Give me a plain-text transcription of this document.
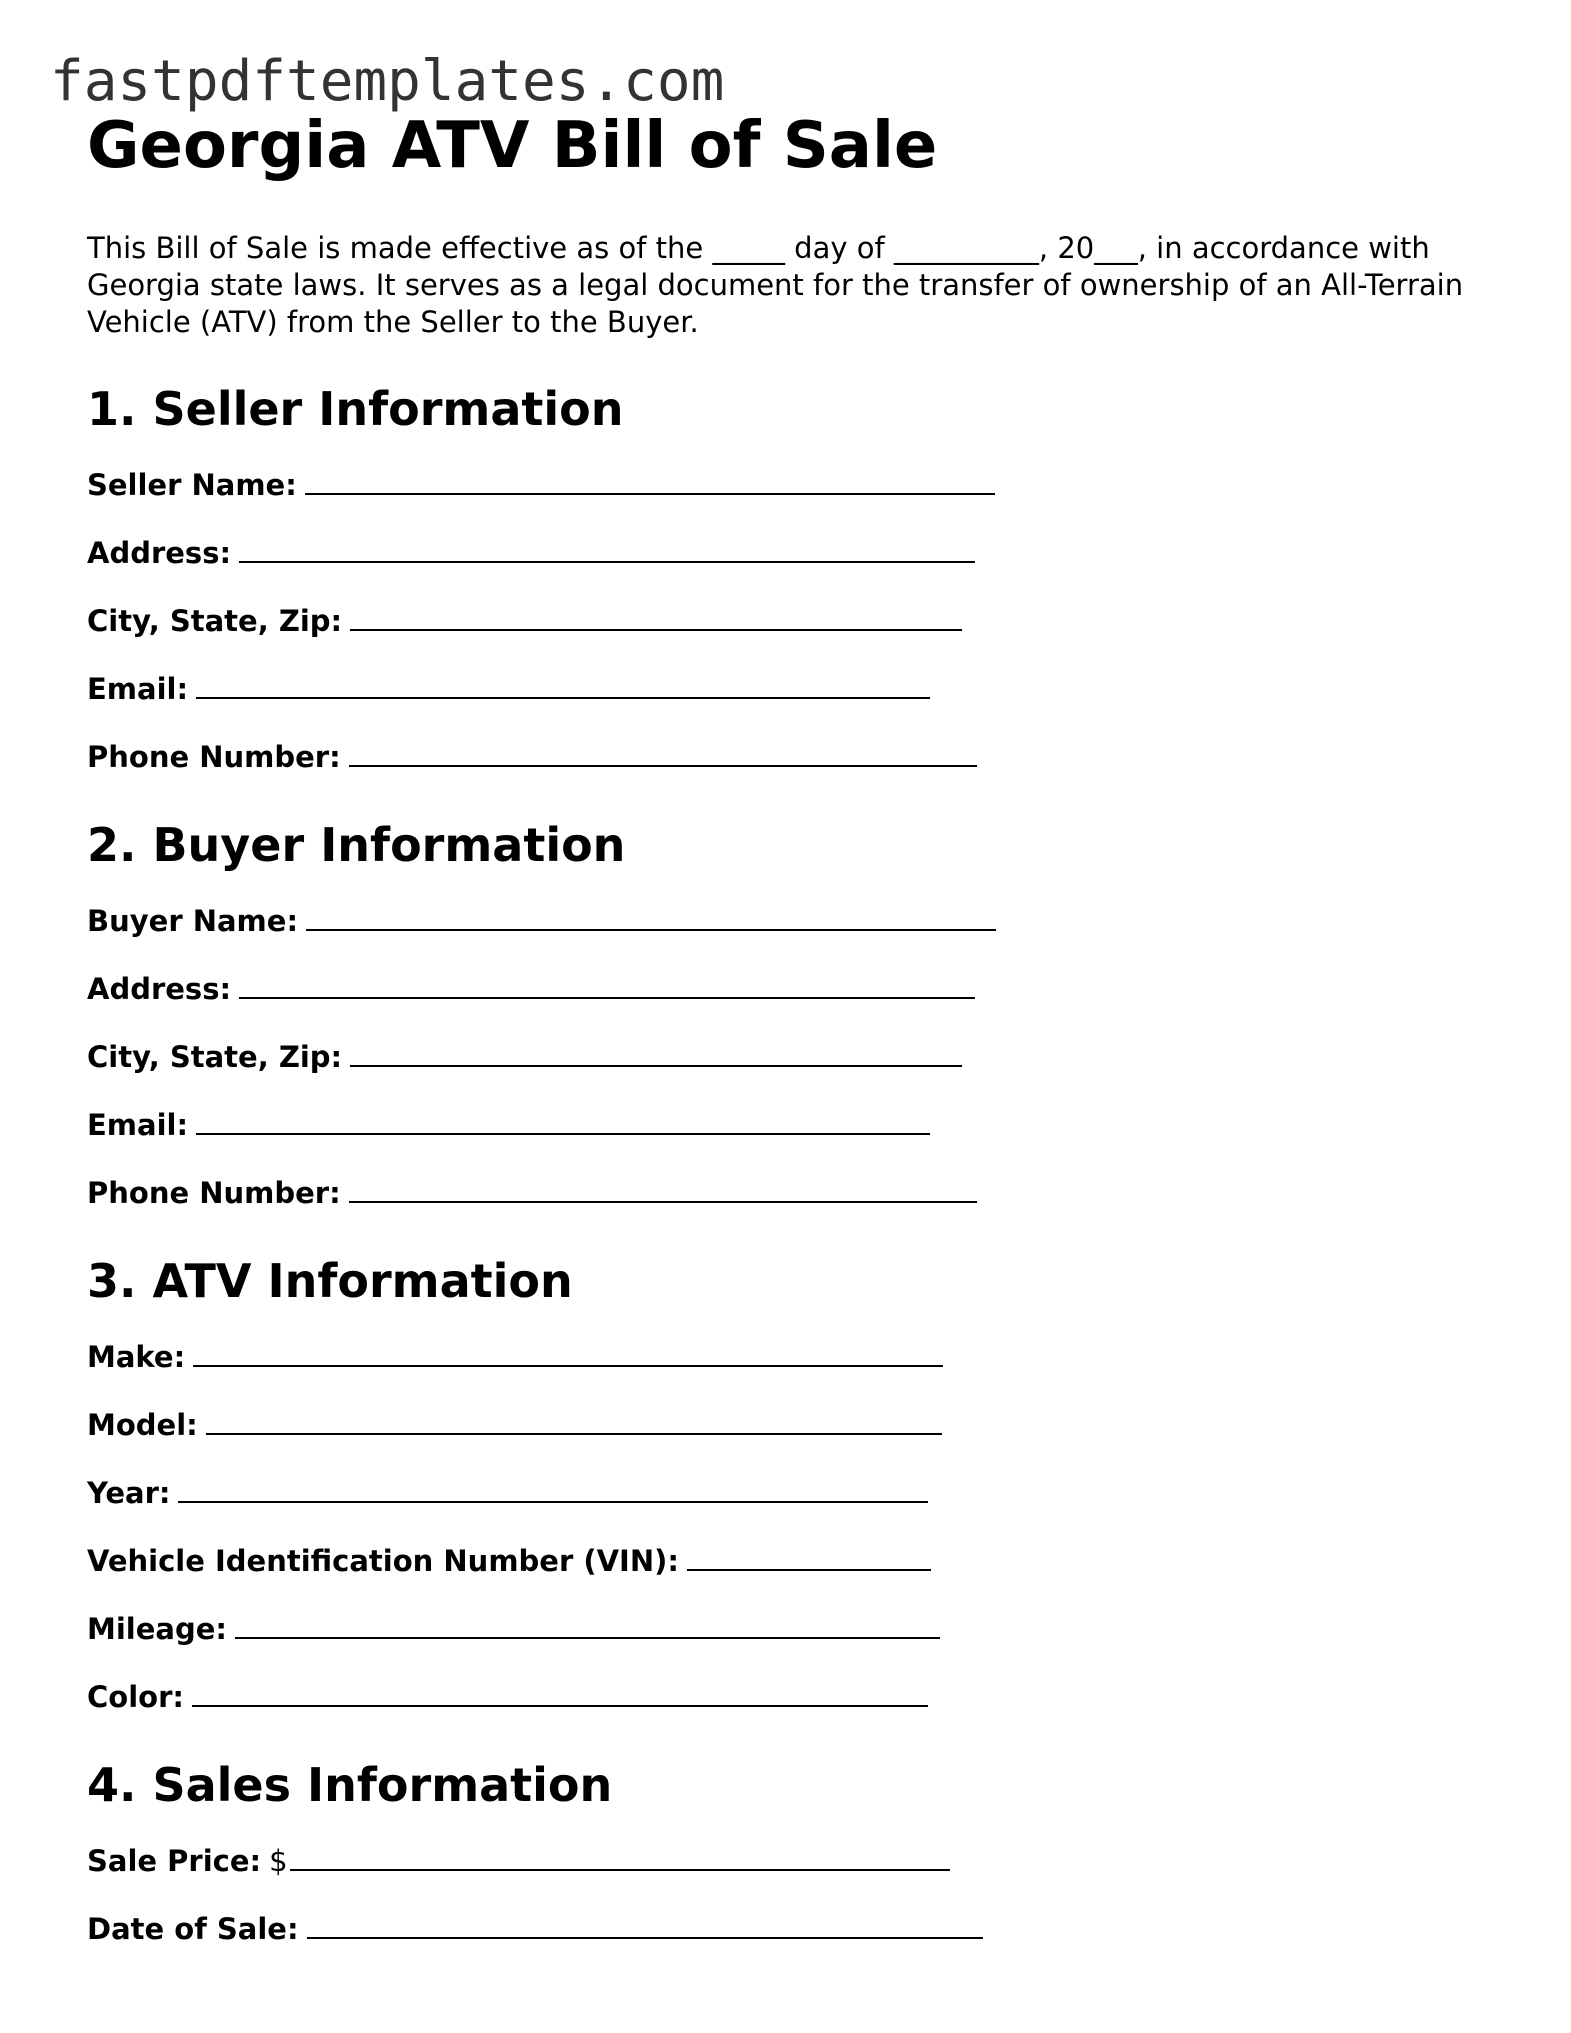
fastpdftemplates.com
Georgia ATV Bill of Sale

This Bill of Sale is made effective as of the _____ day of __________, 20___, in accordance with Georgia state laws. It serves as a legal document for the transfer of ownership of an All-Terrain Vehicle (ATV) from the Seller to the Buyer.

1. Seller Information
Seller Name:
Address:
City, State, Zip:
Email:
Phone Number:
2. Buyer Information
Buyer Name:
Address:
City, State, Zip:
Email:
Phone Number:
3. ATV Information
Make:
Model:
Year:
Vehicle Identification Number (VIN):
Mileage:
Color:
4. Sales Information
Sale Price: $
Date of Sale:
